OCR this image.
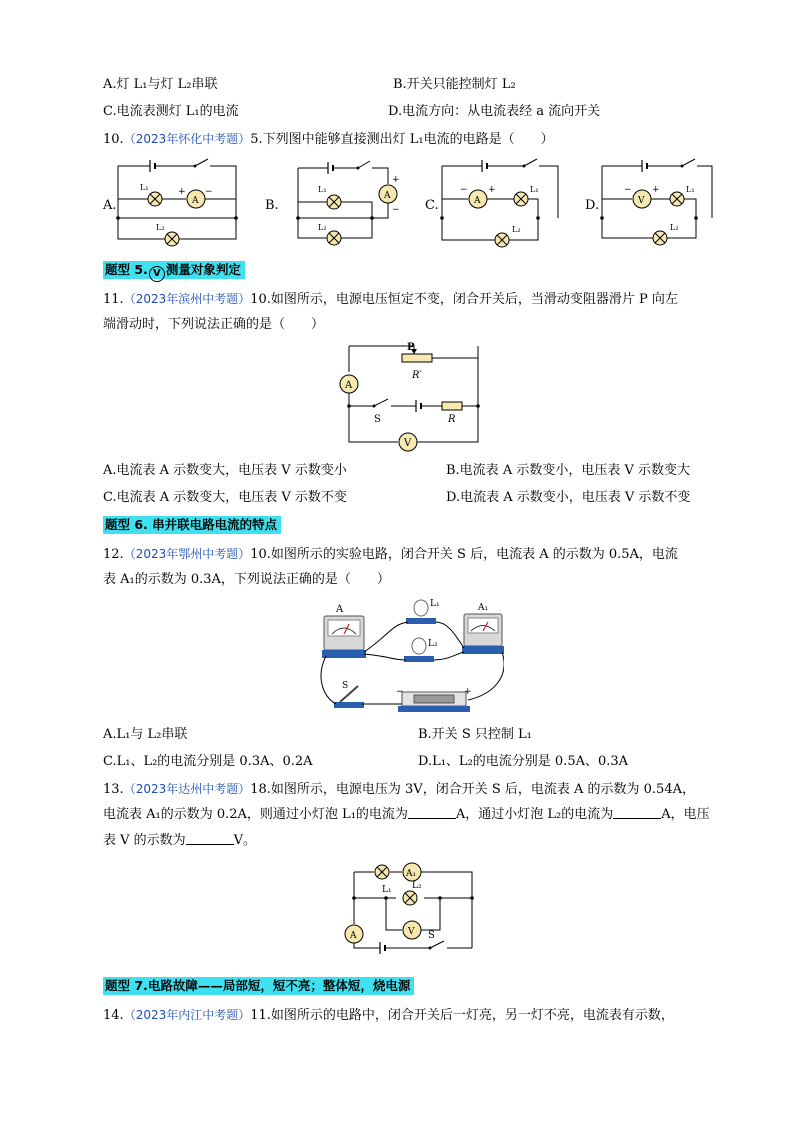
A.灯 L₁与灯 L₂串联	B.开关只能控制灯 L₂
C.电流表测灯 L₁的电流	D.电流方向：从电流表经 a 流向开关
10.（2023年怀化中考题）5.下列图中能够直接测出灯 L₁电流的电路是（　　）
A.	A
+ −
L₁
L₂
B.
A
+
−
L₁
L₂
C.	A
− +	L₁
L₂
D.	V
− +	L₁
L₂
题型 5. V 测量对象判定
11.（2023年滨州中考题）10.如图所示，电源电压恒定不变，闭合开关后，当滑动变阻器滑片 P 向左
端滑动时，下列说法正确的是（　　）
A
V
P
R′
S	R
A.电流表 A 示数变大，电压表 V 示数变小	B.电流表 A 示数变小，电压表 V 示数变大
C.电流表 A 示数变大，电压表 V 示数不变	D.电流表 A 示数变小，电压表 V 示数不变
题型 6. 串并联电路电流的特点
12.（2023年鄂州中考题）10.如图所示的实验电路，闭合开关 S 后，电流表 A 的示数为 0.5A，电流
表 A₁的示数为 0.3A，下列说法正确的是（　　）
A	A₁
L₁
L₂
S
−	+
A.L₁与 L₂串联	B.开关 S 只控制 L₁
C.L₁、L₂的电流分别是 0.3A、0.2A	D.L₁、L₂的电流分别是 0.5A、0.3A
13.（2023年达州中考题）18.如图所示，电源电压为 3V，闭合开关 S 后，电流表 A 的示数为 0.54A，
电流表 A₁的示数为 0.2A，则通过小灯泡 L₁的电流为	A，通过小灯泡 L₂的电流为	A，电压
表 V 的示数为	V。
A₁
L₁ L₂
V
A	S
题型 7.电路故障——局部短，短不亮；整体短，烧电源
14.（2023年内江中考题）11.如图所示的电路中，闭合开关后一灯亮，另一灯不亮，电流表有示数，
